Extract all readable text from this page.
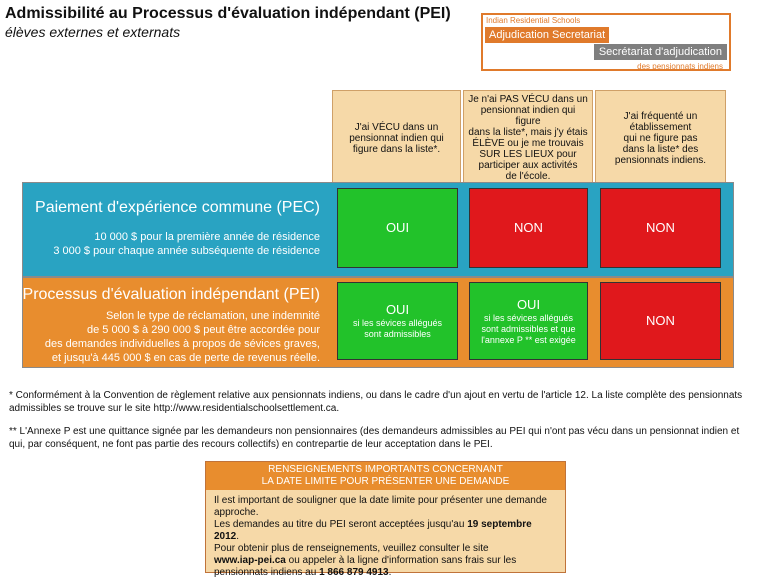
Admissibilité au Processus d'évaluation indépendant (PEI)
élèves externes et externats
Indian Residential Schools
Adjudication Secretariat
Secrétariat d'adjudication
des pensionnats indiens
J'ai VÉCU dans un
pensionnat indien qui
figure dans la liste*.
Je n'ai PAS VÉCU dans un
pensionnat indien qui figure
dans la liste*, mais j'y étais
ÉLÈVE ou je me trouvais
SUR LES LIEUX pour
participer aux activités
de l'école.
J'ai fréquenté un
établissement
qui ne figure pas
dans la liste* des
pensionnats indiens.
Paiement d'expérience commune (PEC)
10 000 $ pour la première année de résidence
3 000 $ pour chaque année subséquente de résidence
Processus d'évaluation indépendant (PEI)
Selon le type de réclamation, une indemnité
de 5 000 $ à 290 000 $ peut être accordée pour
des demandes individuelles à propos de sévices graves,
et jusqu'à 445 000 $ en cas de perte de revenus réelle.
OUI	NON	NON
OUI
si les sévices allégués
sont admissibles
OUI
si les sévices allégués
sont admissibles et que
l'annexe P ** est exigée
NON
* Conformément à la Convention de règlement relative aux pensionnats indiens, ou dans le cadre d'un ajout en vertu de l'article 12. La liste complète des pensionnats
admissibles se trouve sur le site http://www.residentialschoolsettlement.ca.
** L'Annexe P est une quittance signée par les demandeurs non pensionnaires (des demandeurs admissibles au PEI qui n'ont pas vécu dans un pensionnat indien et
qui, par conséquent, ne font pas partie des recours collectifs) en contrepartie de leur acceptation dans le PEI.
RENSEIGNEMENTS IMPORTANTS CONCERNANT
LA DATE LIMITE POUR PRÉSENTER UNE DEMANDE
Il est important de souligner que la date limite pour présenter une demande
approche.
Les demandes au titre du PEI seront acceptées jusqu'au 19 septembre 2012.
Pour obtenir plus de renseignements, veuillez consulter le site
www.iap-pei.ca ou appeler à la ligne d'information sans frais sur les
pensionnats indiens au 1 866 879 4913.
